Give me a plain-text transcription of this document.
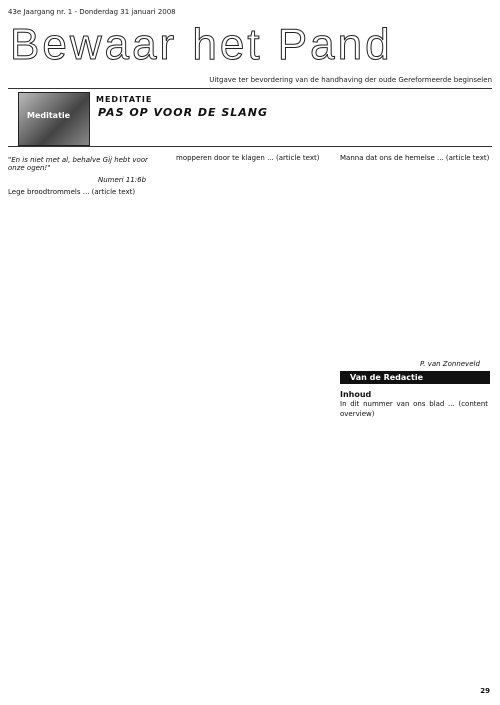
43e Jaargang nr. 1 - Donderdag 31 januari 2008
Bewaar het Pand
Uitgave ter bevordering van de handhaving der oude Gereformeerde beginselen
Meditatie
MEDITATIE
PAS OP VOOR DE SLANG
"En is niet met al, behalve Gij hebt voor onze ogen!"
Numeri 11:6b
Lege broodtrommels ... (article text)
mopperen door te klagen ... (article text)	Manna dat ons de hemelse ... (article text)
P. van Zonneveld
Van de Redactie
Inhoud
In dit nummer van ons blad ... (content overview)
29
